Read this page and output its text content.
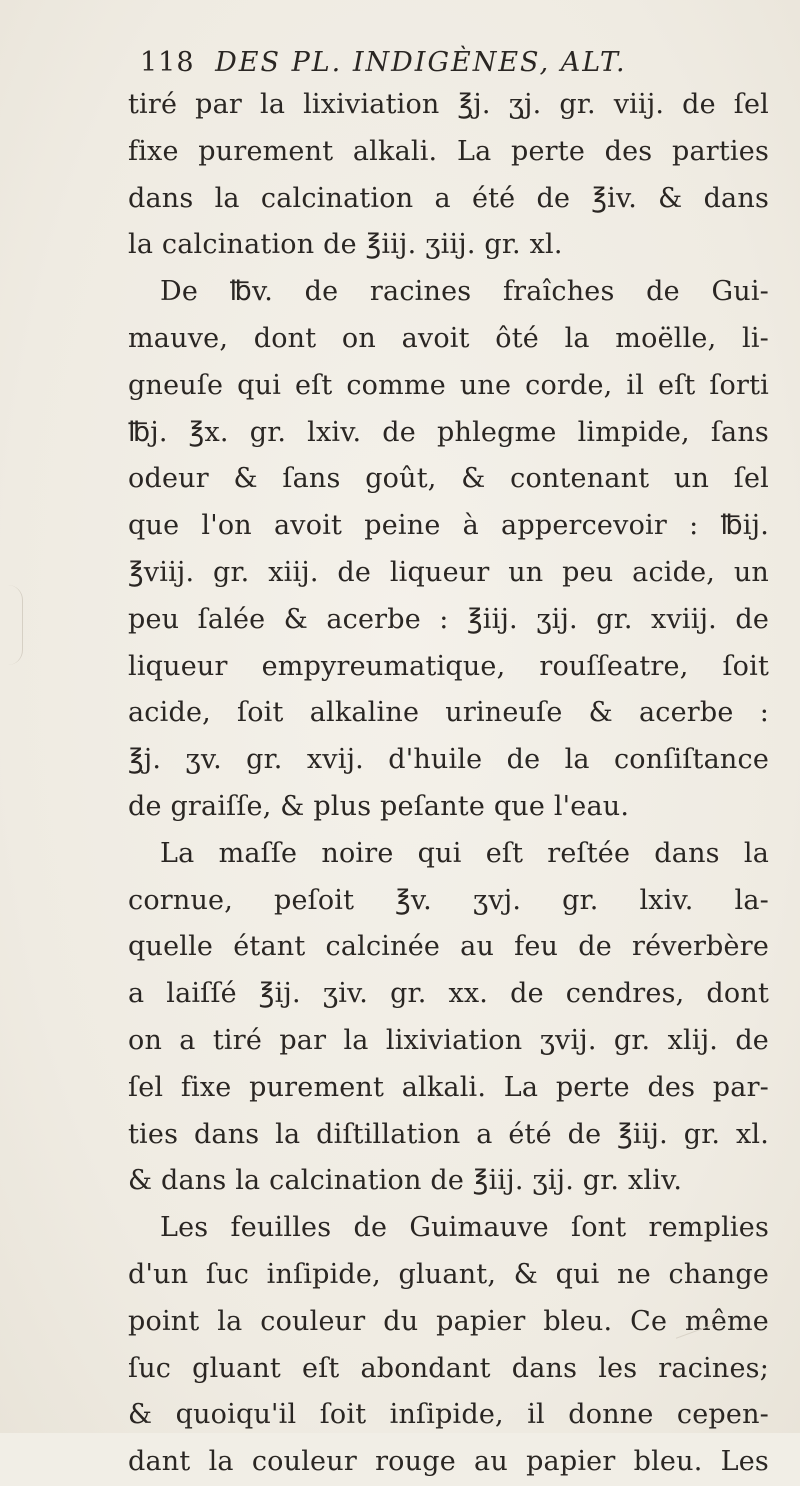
118 DES PL. INDIGÈNES, ALT.
tiré par la lixiviation ℥j. ʒj. gr. viij. de ſel
fixe purement alkali. La perte des parties
dans la calcination a été de ℥iv. & dans
la calcination de ℥iij. ʒiij. gr. xl.
De ℔v. de racines fraîches de Gui-
mauve, dont on avoit ôté la moëlle, li-
gneuſe qui eſt comme une corde, il eſt ſorti
℔j. ℥x. gr. lxiv. de phlegme limpide, ſans
odeur & ſans goût, & contenant un ſel
que l'on avoit peine à appercevoir : ℔ij.
℥viij. gr. xiij. de liqueur un peu acide, un
peu ſalée & acerbe : ℥iij. ʒij. gr. xviij. de
liqueur empyreumatique, rouſſeatre, ſoit
acide, ſoit alkaline urineuſe & acerbe :
℥j. ʒv. gr. xvij. d'huile de la conſiſtance
de graiſſe, & plus peſante que l'eau.
La maſſe noire qui eſt reſtée dans la
cornue, peſoit ℥v. ʒvj. gr. lxiv. la-
quelle étant calcinée au feu de réverbère
a laiſſé ℥ij. ʒiv. gr. xx. de cendres, dont
on a tiré par la lixiviation ʒvij. gr. xlij. de
ſel fixe purement alkali. La perte des par-
ties dans la diſtillation a été de ℥iij. gr. xl.
& dans la calcination de ℥iij. ʒij. gr. xliv.
Les feuilles de Guimauve ſont remplies
d'un ſuc inſipide, gluant, & qui ne change
point la couleur du papier bleu. Ce même
ſuc gluant eſt abondant dans les racines;
& quoiqu'il ſoit inſipide, il donne cepen-
dant la couleur rouge au papier bleu. Les
